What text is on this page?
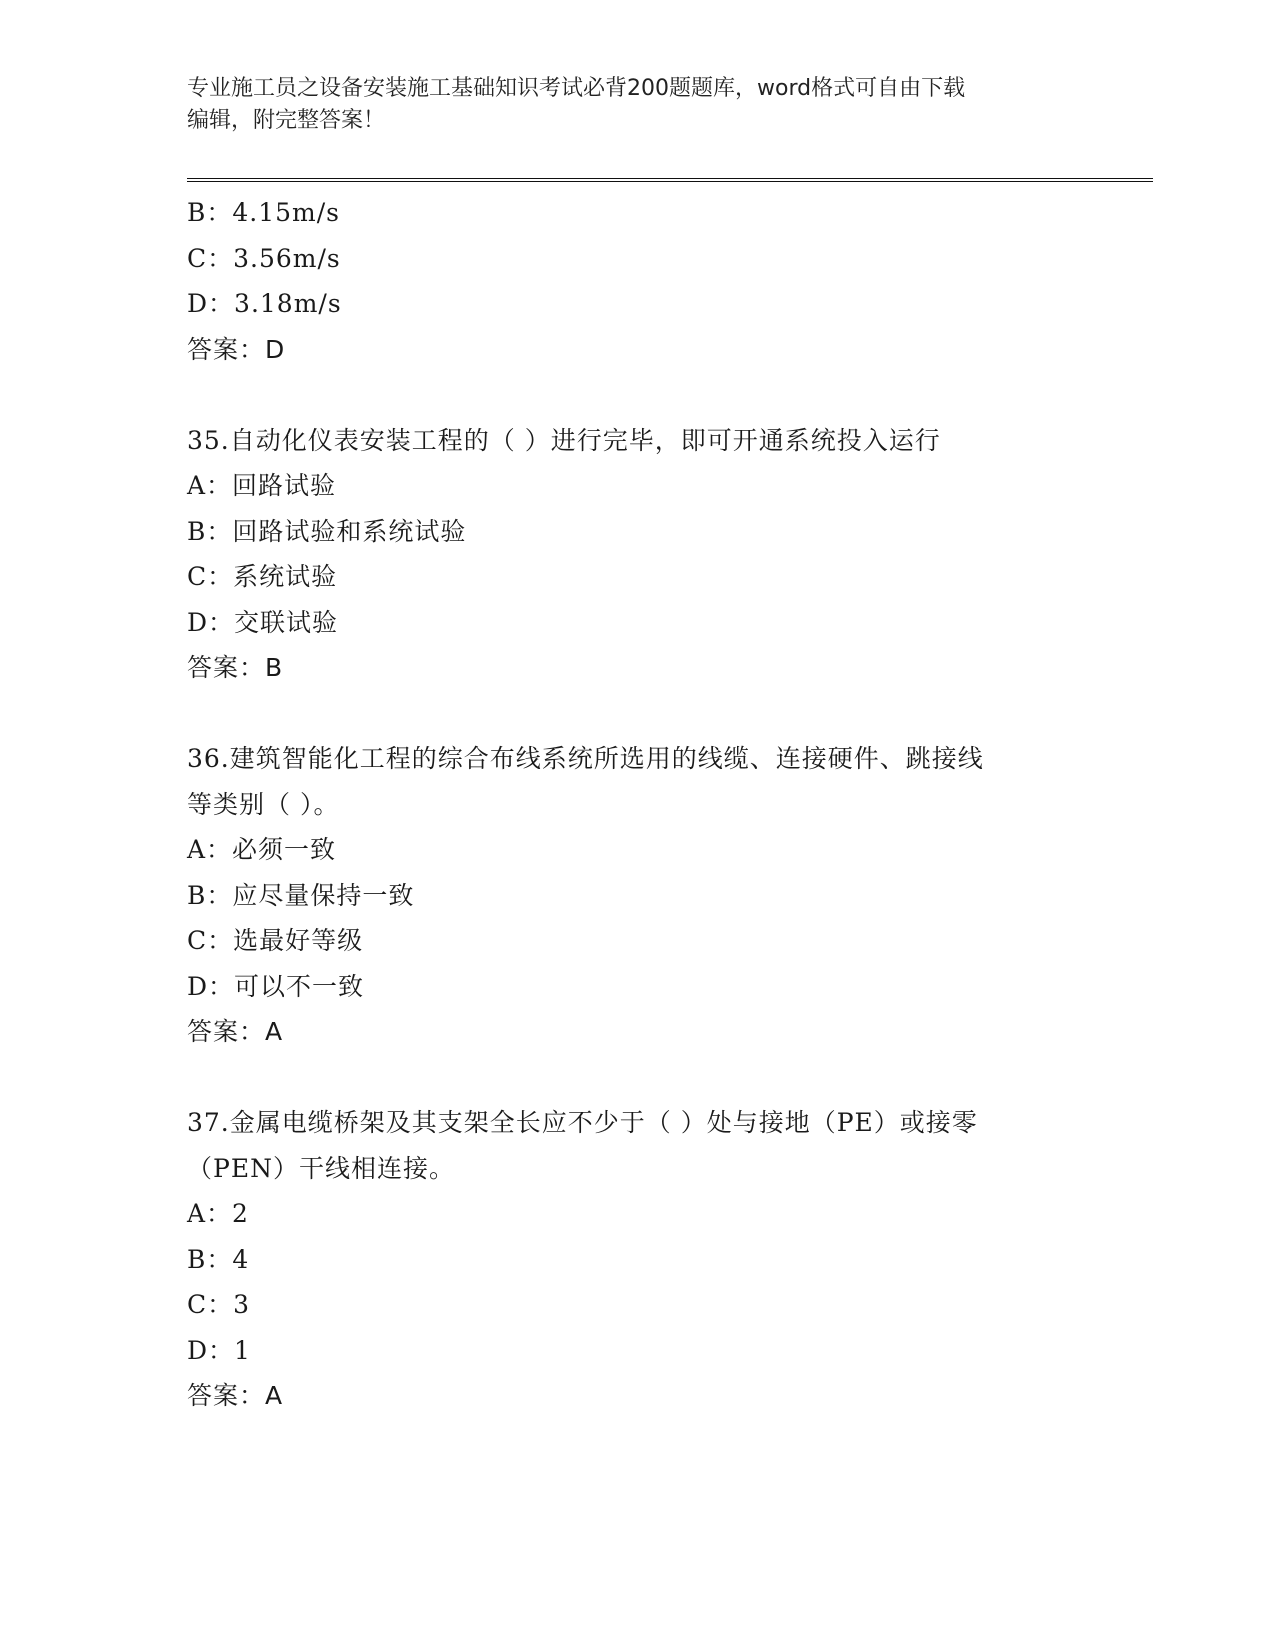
专业施工员之设备安装施工基础知识考试必背200题题库，word格式可自由下载
编辑，附完整答案！
B：4.15m/s
C：3.56m/s
D：3.18m/s
答案：D
35.自动化仪表安装工程的（ ）进行完毕，即可开通系统投入运行
A：回路试验
B：回路试验和系统试验
C：系统试验
D：交联试验
答案：B
36.建筑智能化工程的综合布线系统所选用的线缆、连接硬件、跳接线
等类别（ ）。
A：必须一致
B：应尽量保持一致
C：选最好等级
D：可以不一致
答案：A
37.金属电缆桥架及其支架全长应不少于（ ）处与接地（PE）或接零
（PEN）干线相连接。
A：2
B：4
C：3
D：1
答案：A
